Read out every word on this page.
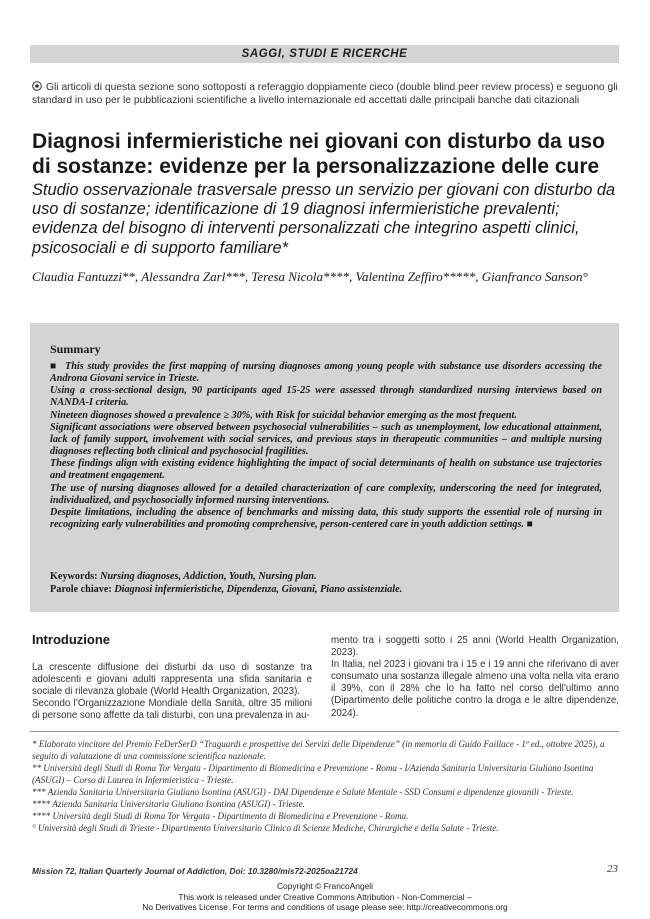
SAGGI, STUDI E RICERCHE
Gli articoli di questa sezione sono sottoposti a referaggio doppiamente cieco (double blind peer review process) e seguono gli standard in uso per le pubblicazioni scientifiche a livello internazionale ed accettati dalle principali banche dati citazionali
Diagnosi infermieristiche nei giovani con disturbo da uso di sostanze: evidenze per la personalizzazione delle cure
Studio osservazionale trasversale presso un servizio per giovani con disturbo da uso di sostanze; identificazione di 19 diagnosi infermieristiche prevalenti; evidenza del bisogno di interventi personalizzati che integrino aspetti clinici, psicosociali e di supporto familiare*
Claudia Fantuzzi**, Alessandra Zarl***, Teresa Nicola****, Valentina Zeffiro*****, Gianfranco Sanson°
Summary

■ This study provides the first mapping of nursing diagnoses among young people with substance use disorders accessing the Androna Giovani service in Trieste.

Using a cross-sectional design, 90 participants aged 15-25 were assessed through standardized nursing interviews based on NANDA-I criteria.

Nineteen diagnoses showed a prevalence ≥ 30%, with Risk for suicidal behavior emerging as the most frequent.

Significant associations were observed between psychosocial vulnerabilities – such as unemployment, low educational attainment, lack of family support, involvement with social services, and previous stays in therapeutic communities – and multiple nursing diagnoses reflecting both clinical and psychosocial fragilities.

These findings align with existing evidence highlighting the impact of social determinants of health on substance use trajectories and treatment engagement.

The use of nursing diagnoses allowed for a detailed characterization of care complexity, underscoring the need for integrated, individualized, and psychosocially informed nursing interventions.

Despite limitations, including the absence of benchmarks and missing data, this study supports the essential role of nursing in recognizing early vulnerabilities and promoting comprehensive, person-centered care in youth addiction settings. ■

Keywords: Nursing diagnoses, Addiction, Youth, Nursing plan.
Parole chiave: Diagnosi infermieristiche, Dipendenza, Giovani, Piano assistenziale.
Introduzione

La crescente diffusione dei disturbi da uso di sostanze tra adolescenti e giovani adulti rappresenta una sfida sanitaria e sociale di rilevanza globale (World Health Organization, 2023).

Secondo l’Organizzazione Mondiale della Sanità, oltre 35 milioni di persone sono affette da tali disturbi, con una prevalenza in au-

mento tra i soggetti sotto i 25 anni (World Health Organization, 2023).

In Italia, nel 2023 i giovani tra i 15 e i 19 anni che riferivano di aver consumato una sostanza illegale almeno una volta nella vita erano il 39%, con il 28% che lo ha fatto nel corso dell’ultimo anno (Dipartimento delle politiche contro la droga e le altre dipendenze, 2024).

* Elaborato vincitore del Premio FeDerSerD “Traguardi e prospettive dei Servizi delle Dipendenze” (in memoria di Guido Faillace - 1ª ed., ottobre 2025), a seguito di valutazione di una commissione scientifica nazionale.

** Università degli Studi di Roma Tor Vergata - Dipartimento di Biomedicina e Prevenzione - Roma - I/Azienda Sanitaria Universitaria Giuliano Isontina (ASUGI) – Corso di Laurea in Infermieristica - Trieste.

*** Azienda Sanitaria Universitaria Giuliano Isontina (ASUGI) - DAI Dipendenze e Salute Mentale - SSD Consumi e dipendenze giovanili - Trieste.

**** Azienda Sanitaria Universitaria Giuliano Isontina (ASUGI) - Trieste.

**** Università degli Studi di Roma Tor Vergata - Dipartimento di Biomedicina e Prevenzione - Roma.

° Università degli Studi di Trieste - Dipartimento Universitario Clinico di Scienze Mediche, Chirurgiche e della Salute - Trieste.

Mission 72, Italian Quarterly Journal of Addiction, Doi: 10.3280/mis72-2025oa21724	23
Copyright © FrancoAngeli
This work is released under Creative Commons Attribution - Non-Commercial –
No Derivatives License. For terms and conditions of usage please see: http://creativecommons.org
